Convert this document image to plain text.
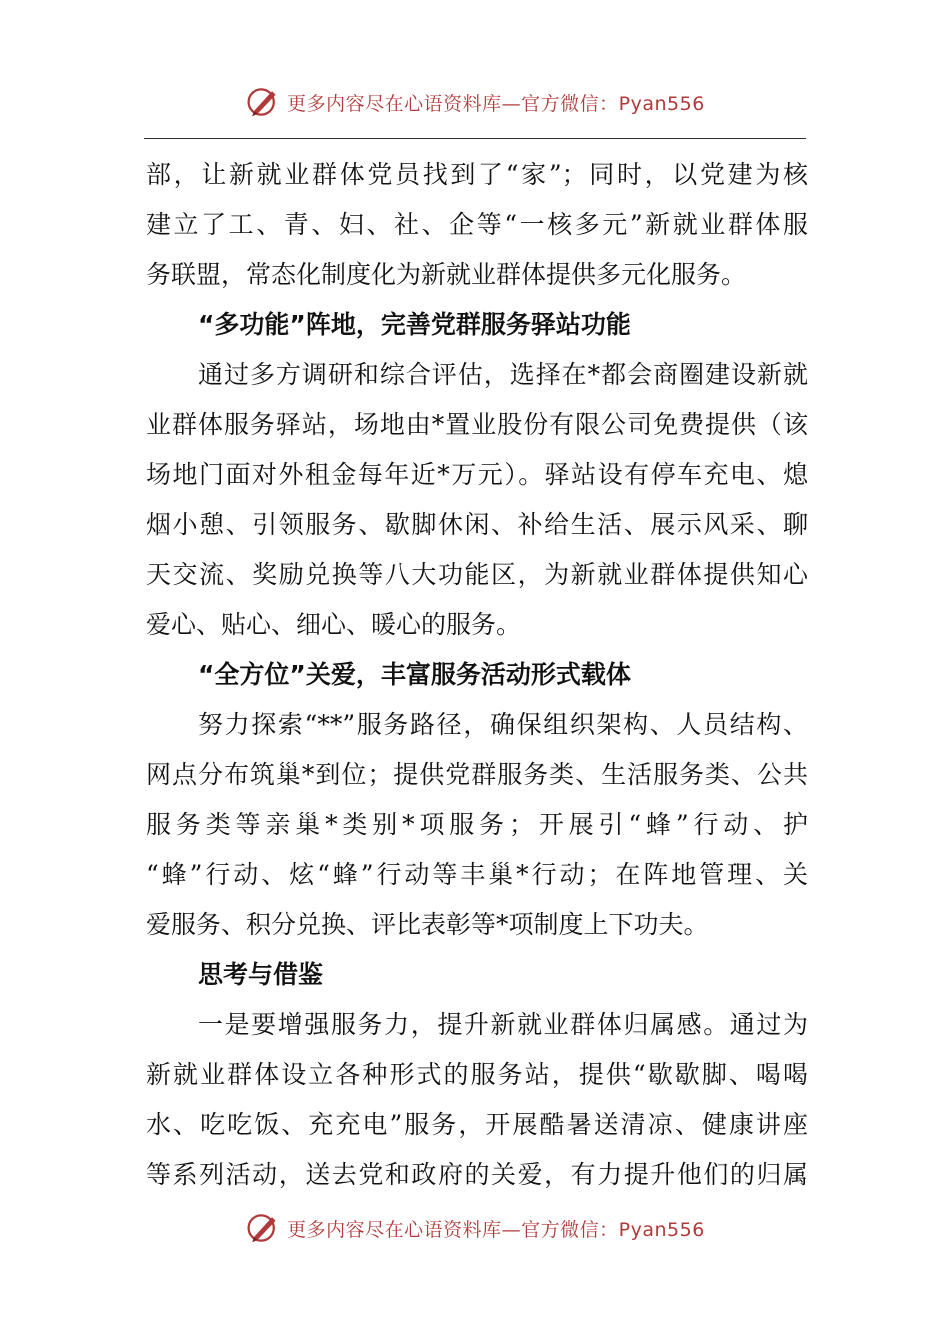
更多内容尽在心语资料库—官方微信：Pyan556
部，让新就业群体党员找到了“家”；同时，以党建为核
建立了工、青、妇、社、企等“一核多元”新就业群体服
务联盟，常态化制度化为新就业群体提供多元化服务。
“多功能”阵地，完善党群服务驿站功能
通过多方调研和综合评估，选择在*都会商圈建设新就
业群体服务驿站，场地由*置业股份有限公司免费提供（该
场地门面对外租金每年近*万元）。驿站设有停车充电、熄
烟小憩、引领服务、歇脚休闲、补给生活、展示风采、聊
天交流、奖励兑换等八大功能区，为新就业群体提供知心
爱心、贴心、细心、暖心的服务。
“全方位”关爱，丰富服务活动形式载体
努力探索“**”服务路径，确保组织架构、人员结构、
网点分布筑巢*到位；提供党群服务类、生活服务类、公共
服务类等亲巢*类别*项服务；开展引“蜂”行动、护
“蜂”行动、炫“蜂”行动等丰巢*行动；在阵地管理、关
爱服务、积分兑换、评比表彰等*项制度上下功夫。
思考与借鉴
一是要增强服务力，提升新就业群体归属感。通过为
新就业群体设立各种形式的服务站，提供“歇歇脚、喝喝
水、吃吃饭、充充电”服务，开展酷暑送清凉、健康讲座
等系列活动，送去党和政府的关爱，有力提升他们的归属
更多内容尽在心语资料库—官方微信：Pyan556
